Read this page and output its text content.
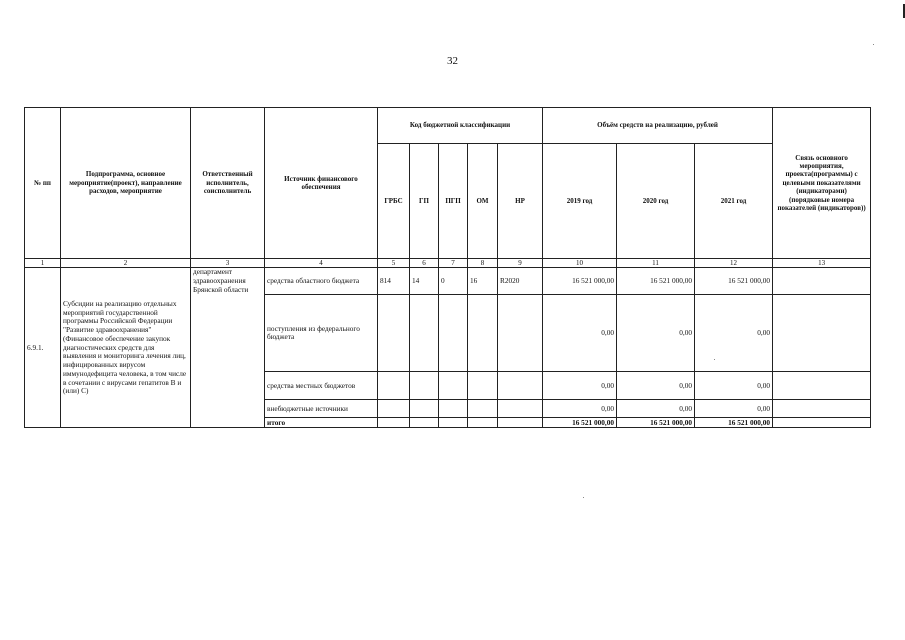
32
№ пп	Подпрограмма, основное мероприятие(проект), направление расходов, мероприятие	Ответственный исполнитель, соисполнитель	Источник финансового обеспечения	Код бюджетной классификации					Объём средств на реализацию, рублей			Связь основного мероприятия, проекта(программы) с целевыми показателями (индикаторами) (порядковые номера показателей (индикаторов))
				ГРБС	ГП	ПГП	ОМ	НР	2019 год	2020 год	2021 год	
1	2	3	4	5	6	7	8	9	10	11	12	13
6.9.1.	Субсидии на реализацию отдельных мероприятий государственной программы Российской Федерации "Развитие здравоохранения" (Финансовое обеспечение закупок диагностических средств для выявления и мониторинга лечения лиц, инфицированных вирусом иммунодефицита человека, в том числе в сочетании с вирусами гепатитов В и (или) С)	департамент здравоохранения Брянской области	средства областного бюджета	814	14	0	16	R2020	16 521 000,00	16 521 000,00	16 521 000,00	
			поступления из федерального бюджета						0,00	0,00	0,00	
			средства местных бюджетов						0,00	0,00	0,00	
			внебюджетные источники						0,00	0,00	0,00	
			итого						16 521 000,00	16 521 000,00	16 521 000,00	
